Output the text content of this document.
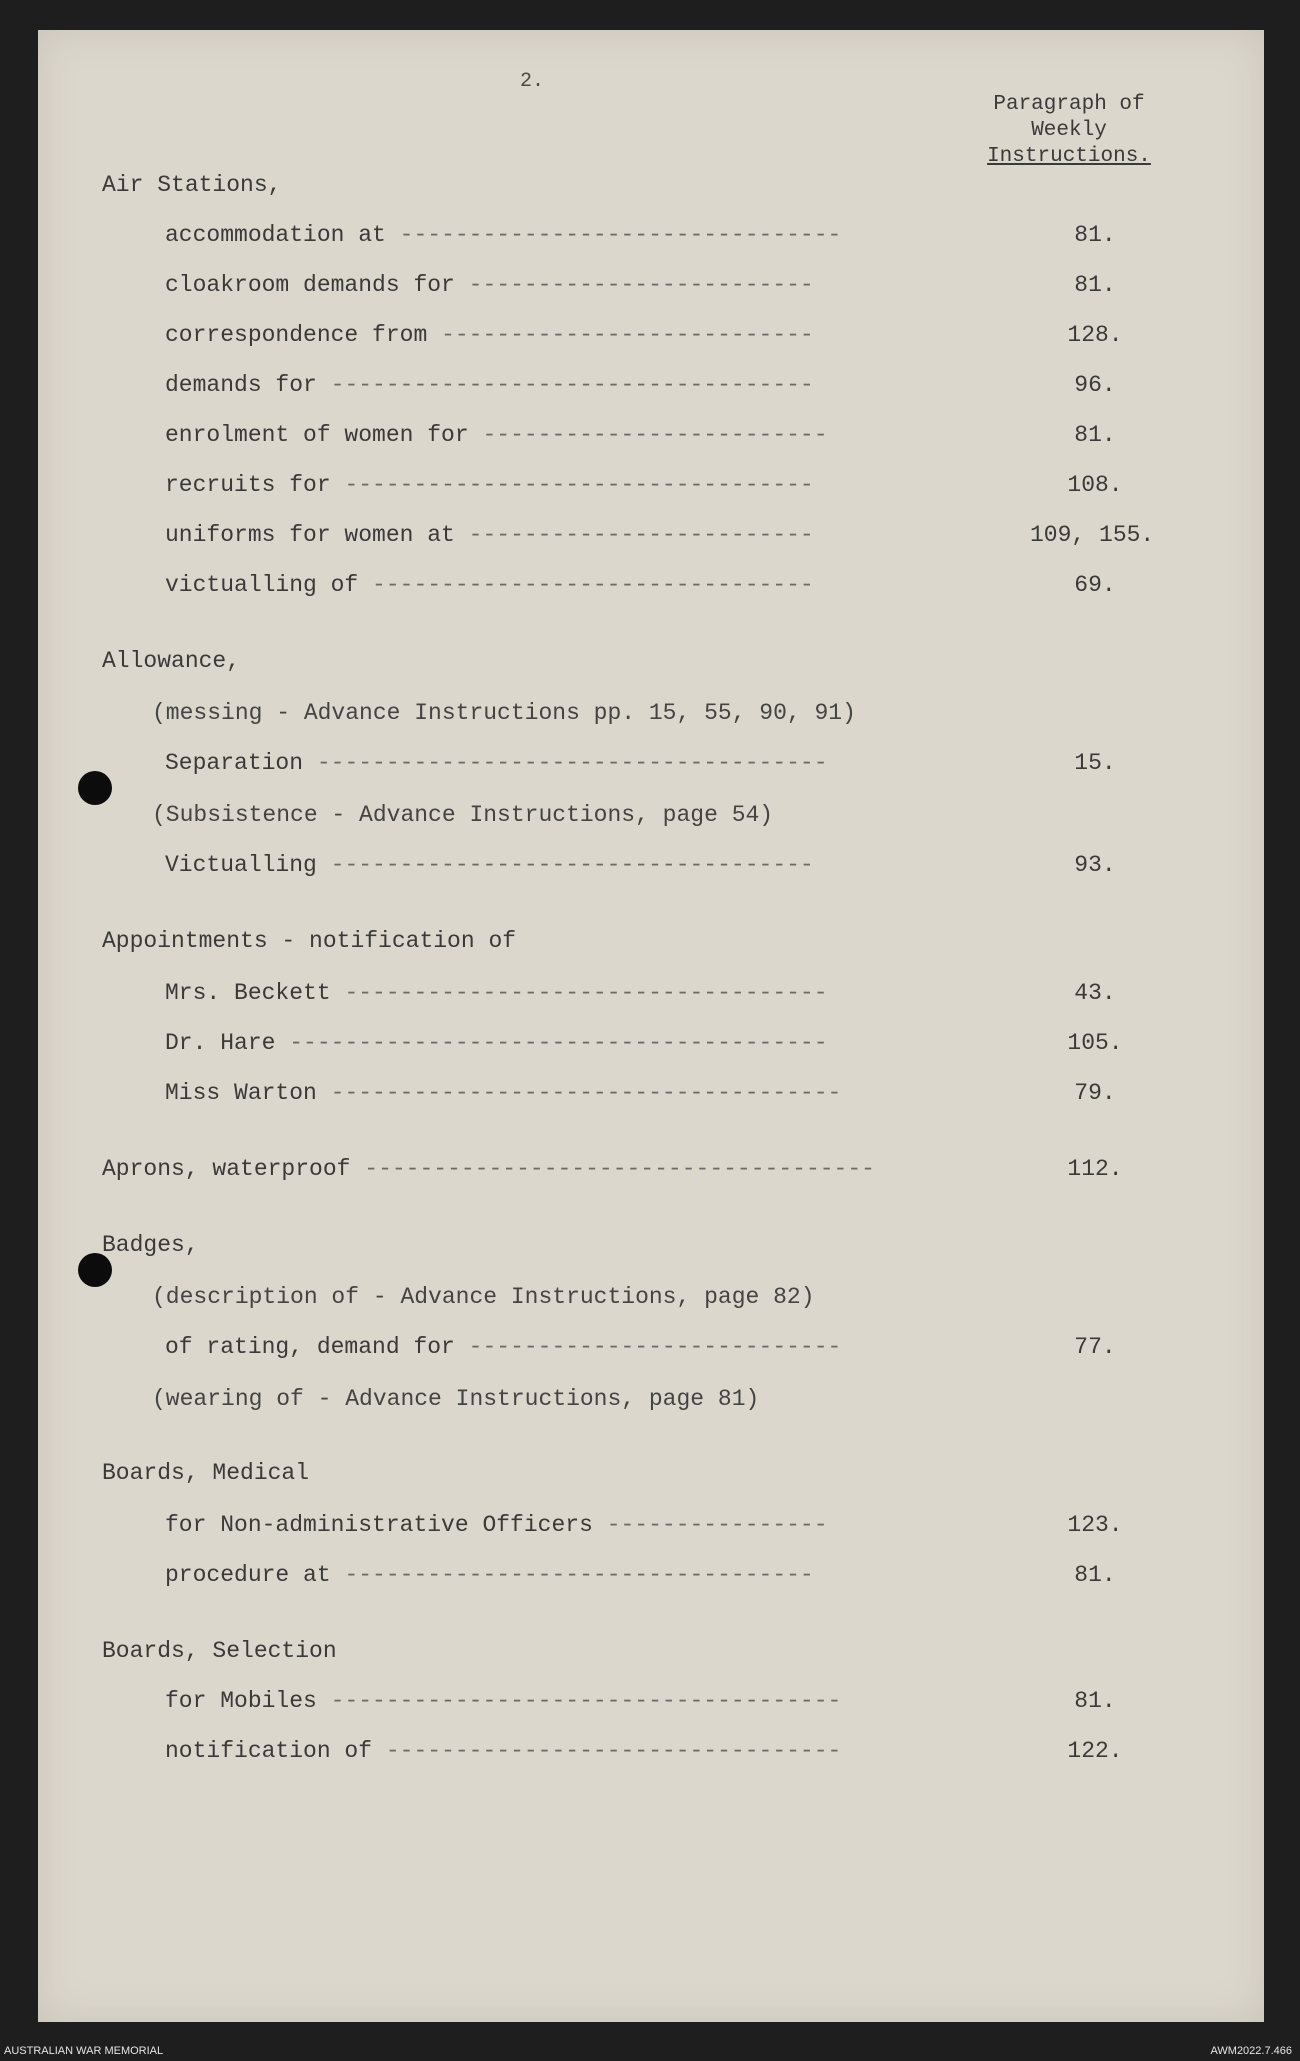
2.
Paragraph of
Weekly
Instructions.
Air Stations,
accommodation at --------------------------------	81.
cloakroom demands for -------------------------	81.
correspondence from ---------------------------	128.
demands for -----------------------------------	96.
enrolment of women for -------------------------	81.
recruits for ----------------------------------	108.
uniforms for women at -------------------------	109, 155.
victualling of --------------------------------	69.
Allowance,
(messing - Advance Instructions pp. 15, 55, 90, 91)
Separation -------------------------------------	15.
(Subsistence - Advance Instructions, page 54)
Victualling -----------------------------------	93.
Appointments - notification of
Mrs. Beckett -----------------------------------	43.
Dr. Hare ---------------------------------------	105.
Miss Warton -------------------------------------	79.
Aprons, waterproof -------------------------------------	112.
Badges,
(description of - Advance Instructions, page 82)
of rating, demand for ---------------------------	77.
(wearing of - Advance Instructions, page 81)
Boards, Medical
for Non-administrative Officers ----------------	123.
procedure at ----------------------------------	81.
Boards, Selection
for Mobiles -------------------------------------	81.
notification of ---------------------------------	122.
AUSTRALIAN WAR MEMORIAL	AWM2022.7.466
